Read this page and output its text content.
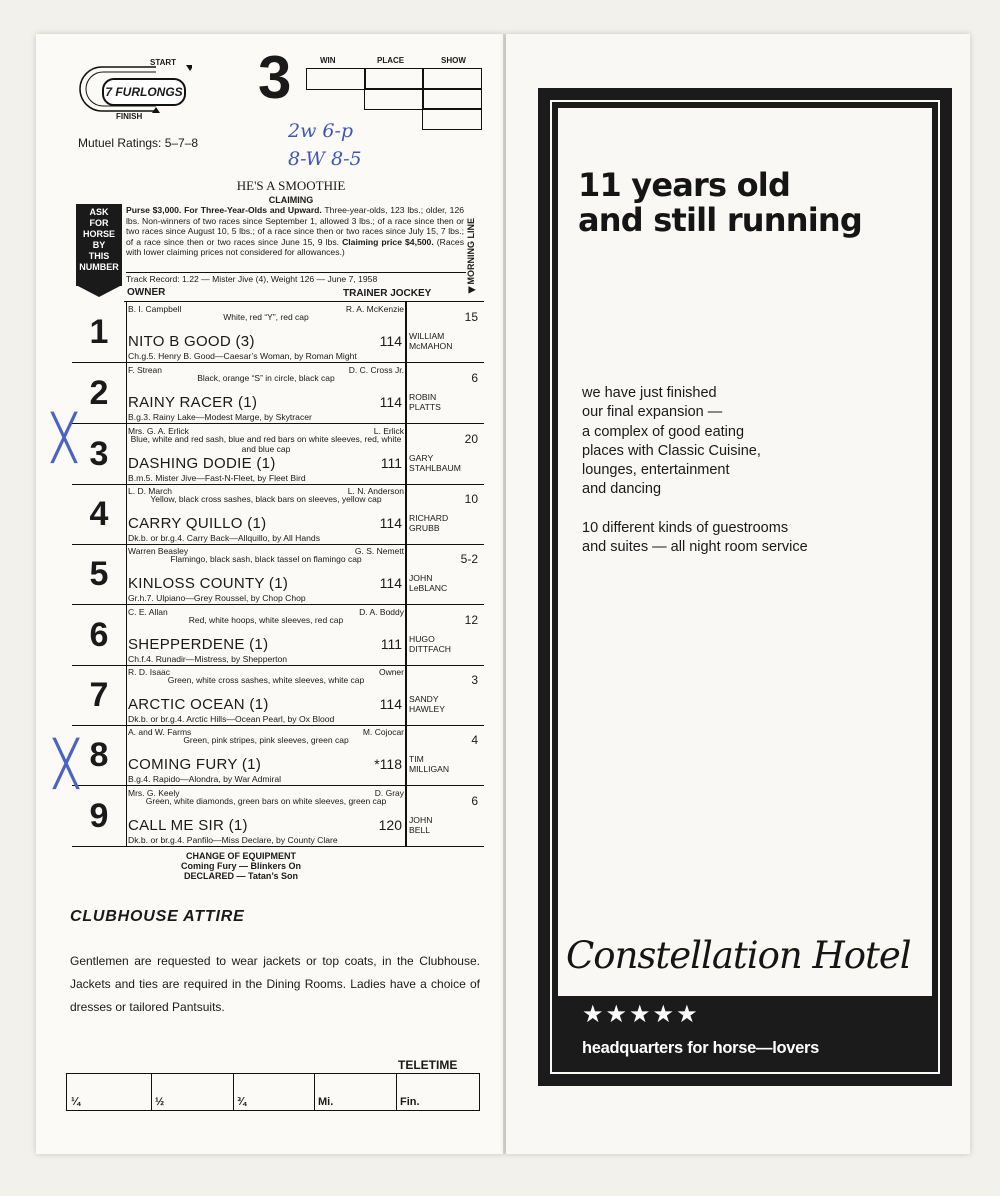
START
FINISH
7 FURLONGS 3	WIN	PLACE	SHOW
Mutuel Ratings: 5–7–8
2w 6-p
8-W 8-5
HE'S A SMOOTHIE
CLAIMING
ASK
FOR
HORSE
BY
THIS
NUMBER
Purse $3,000. For Three-Year-Olds and Upward. Three-year-olds, 123 lbs.; older, 126 lbs. Non-winners of two races since September 1, allowed 3 lbs.; of a race since then or two races since August 10, 5 lbs.; of a race since then or two races since July 15, 7 lbs.; of a race since then or two races since June 15, 9 lbs. Claiming price $4,500. (Races with lower claiming prices not considered for allowances.)
Track Record: 1.22 — Mister Jive (4), Weight 126 — June 7, 1958
◀MORNING LINE
OWNER	TRAINER JOCKEY
1
B. I. Campbell	R. A. McKenzie
White, red “Y”, red cap
NITO B GOOD (3)	114
Ch.g.5. Henry B. Good—Caesar’s Woman, by Roman Might
WILLIAM
McMAHON
15
2
F. Strean	D. C. Cross Jr.
Black, orange “S” in circle, black cap
RAINY RACER (1)	114
B.g.3. Rainy Lake—Modest Marge, by Skytracer
ROBIN
PLATTS
6
3
Mrs. G. A. Erlick	L. Erlick
Blue, white and red sash, blue and red bars on white sleeves, red, white and blue cap
DASHING DODIE (1)	111
B.m.5. Mister Jive—Fast-N-Fleet, by Fleet Bird
GARY
STAHLBAUM
20
4
L. D. March	L. N. Anderson
Yellow, black cross sashes, black bars on sleeves, yellow cap
CARRY QUILLO (1)	114
Dk.b. or br.g.4. Carry Back—Allquillo, by All Hands
RICHARD
GRUBB
10
5
Warren Beasley	G. S. Nemett
Flamingo, black sash, black tassel on flamingo cap
KINLOSS COUNTY (1)	114
Gr.h.7. Ulpiano—Grey Roussel, by Chop Chop
JOHN
LeBLANC
5-2
6
C. E. Allan	D. A. Boddy
Red, white hoops, white sleeves, red cap
SHEPPERDENE (1)	111
Ch.f.4. Runadir—Mistress, by Shepperton
HUGO
DITTFACH
12
7
R. D. Isaac	Owner
Green, white cross sashes, white sleeves, white cap
ARCTIC OCEAN (1)	114
Dk.b. or br.g.4. Arctic Hills—Ocean Pearl, by Ox Blood
SANDY
HAWLEY
3
8
A. and W. Farms	M. Cojocar
Green, pink stripes, pink sleeves, green cap
COMING FURY (1)	*118
B.g.4. Rapido—Alondra, by War Admiral
TIM
MILLIGAN
4
9
Mrs. G. Keely	D. Gray
Green, white diamonds, green bars on white sleeves, green cap
CALL ME SIR (1)	120
Dk.b. or br.g.4. Panfilo—Miss Declare, by County Clare
JOHN
BELL
6
╳
╳
CHANGE OF EQUIPMENT
Coming Fury — Blinkers On
DECLARED — Tatan’s Son
CLUBHOUSE ATTIRE
Gentlemen are requested to wear jackets or top coats, in the Clubhouse. Jackets and ties are required in the Dining Rooms. Ladies have a choice of dresses or tailored Pantsuits.
TELETIME
¼	½	¾	Mi.	Fin.
11 years old
and still running

we have just finished
our final expansion —
a complex of good eating
places with Classic Cuisine,
lounges, entertainment
and dancing

10 different kinds of guestrooms
and suites — all night room service

Constellation Hotel
★★★★★
headquarters for horse—lovers
